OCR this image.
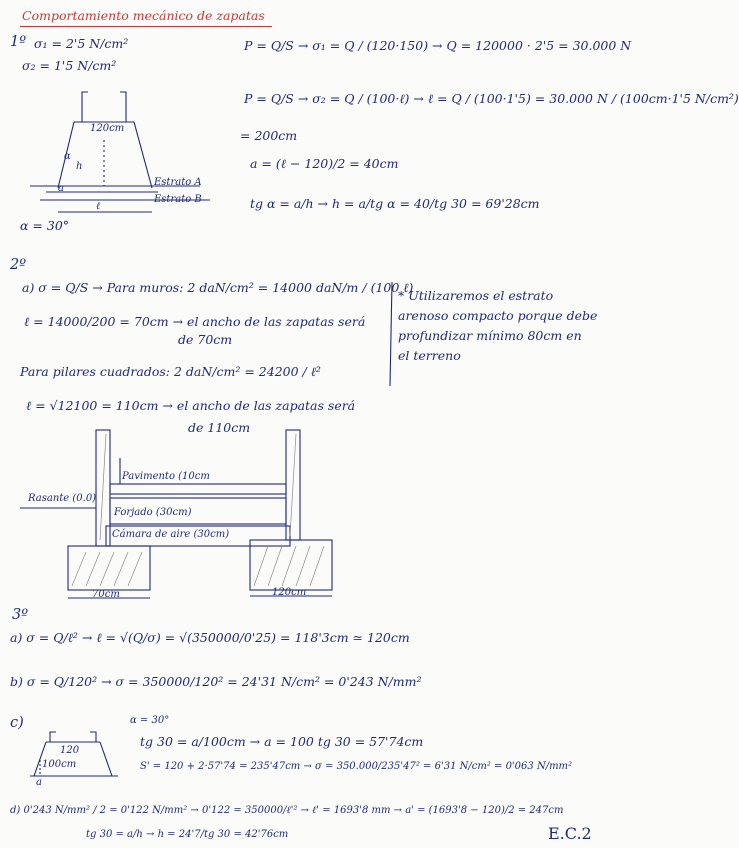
Comportamiento mecánico de zapatas
1º σ₁ = 2'5 N/cm²
σ₂ = 1'5 N/cm²
120cm
α
h
a
ℓ
Estrato A
Estrato B
α = 30°
P = Q/S → σ₁ = Q / (120·150) → Q = 120000 · 2'5 = 30.000 N
P = Q/S → σ₂ = Q / (100·ℓ) → ℓ = Q / (100·1'5) = 30.000 N / (100cm·1'5 N/cm²)
= 200cm
a = (ℓ − 120)/2 = 40cm
tg α = a/h → h = a/tg α = 40/tg 30 = 69'28cm
2º
a) σ = Q/S → Para muros: 2 daN/cm² = 14000 daN/m / (100 ℓ)
ℓ = 14000/200 = 70cm → el ancho de las zapatas será
de 70cm
* Utilizaremos el estrato
arenoso compacto porque debe
profundizar mínimo 80cm en
el terreno
Para pilares cuadrados: 2 daN/cm² = 24200 / ℓ²
ℓ = √12100 = 110cm → el ancho de las zapatas será
de 110cm
Pavimento (10cm
Rasante (0.0)
Forjado (30cm)
Cámara de aire (30cm)
70cm	120cm
3º
a) σ = Q/ℓ² → ℓ = √(Q/σ) = √(350000/0'25) = 118'3cm ≃ 120cm
b) σ = Q/120² → σ = 350000/120² = 24'31 N/cm² = 0'243 N/mm²
c)	α = 30°
120
100cm
a
tg 30 = a/100cm → a = 100 tg 30 = 57'74cm
S' = 120 + 2·57'74 = 235'47cm → σ = 350.000/235'47² = 6'31 N/cm² = 0'063 N/mm²
d) 0'243 N/mm² / 2 = 0'122 N/mm² → 0'122 = 350000/ℓ'² → ℓ' = 1693'8 mm → a' = (1693'8 − 120)/2 = 247cm
tg 30 = a/h → h = 24'7/tg 30 = 42'76cm	E.C.2
